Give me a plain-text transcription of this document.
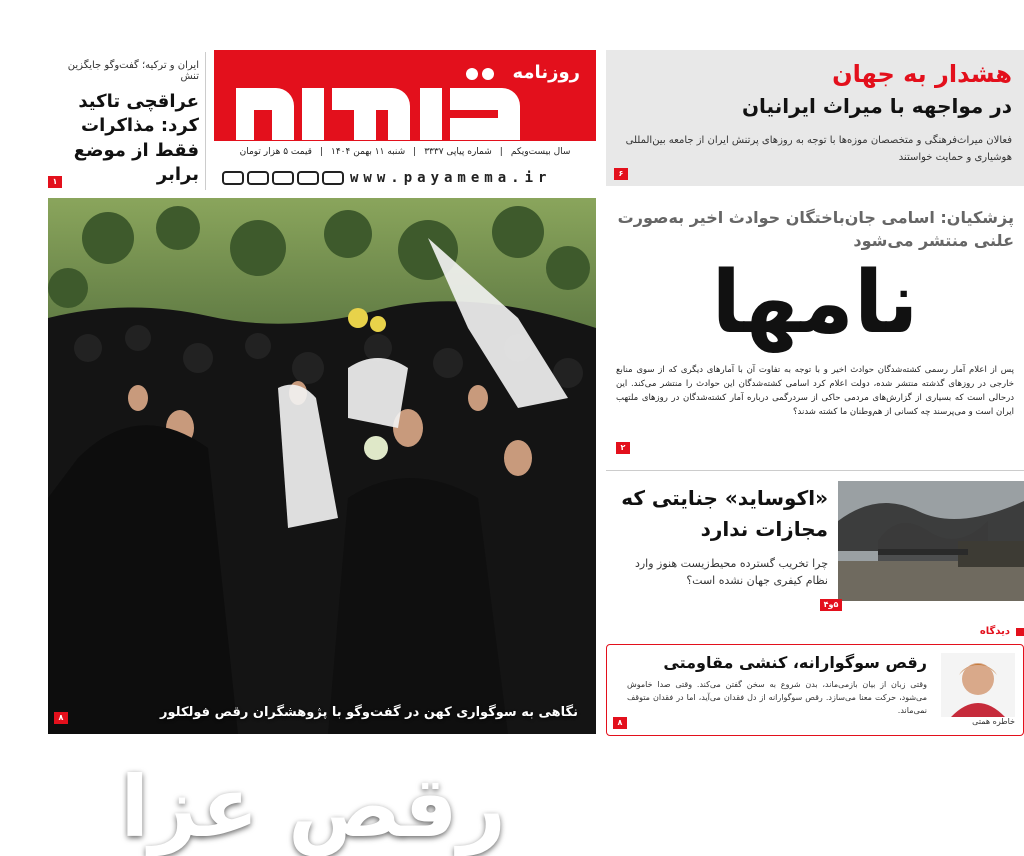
روزنامه
سال بیست‌ویکم
|
شماره پیاپی ۳۳۳۷
|
شنبه ۱۱ بهمن ۱۴۰۴
|
قیمت ۵ هزار تومان
www.payamema.ir
ایران و ترکیه؛ گفت‌وگو جایگزین تنش
عراقچی تاکید کرد: مذاکرات فقط از موضع برابر
۱
هشدار به جهان
در مواجهه با میراث ایرانیان
فعالان میراث‌فرهنگی و متخصصان موزه‌ها با توجه به روزهای پرتنش ایران از جامعه بین‌المللی هوشیاری و حمایت خواستند
۶
رقص عزا
نگاهی به سوگواری کهن در گفت‌وگو با پژوهشگران رقص فولکلور
۸
پزشکیان: اسامی جان‌باختگان حوادث اخیر به‌صورت علنی منتشر می‌شود
نامها
پس از اعلام آمار رسمی کشته‌شدگان حوادث اخیر و با توجه به تفاوت آن با آمارهای دیگری که از سوی منابع خارجی در روزهای گذشته منتشر شده، دولت اعلام کرد اسامی کشته‌شدگان این حوادث را منتشر می‌کند. این درحالی است که بسیاری از گزارش‌های مردمی حاکی از سردرگمی درباره آمار کشته‌شدگان در روزهای ملتهب ایران است و می‌پرسند چه کسانی از هم‌وطنان ما کشته شدند؟
۲
«اکوساید» جنایتی که مجازات ندارد
چرا تخریب گسترده محیط‌زیست هنوز وارد نظام کیفری جهان نشده است؟
۵و۴
دیدگاه
خاطره همتی
رقص سوگوارانه، کنشی مقاومتی
وقتی زبان از بیان بازمی‌ماند، بدن شروع به سخن گفتن می‌کند. وقتی صدا خاموش می‌شود، حرکت معنا می‌سازد. رقص سوگوارانه از دل فقدان می‌آید، اما در فقدان متوقف نمی‌ماند.
۸
